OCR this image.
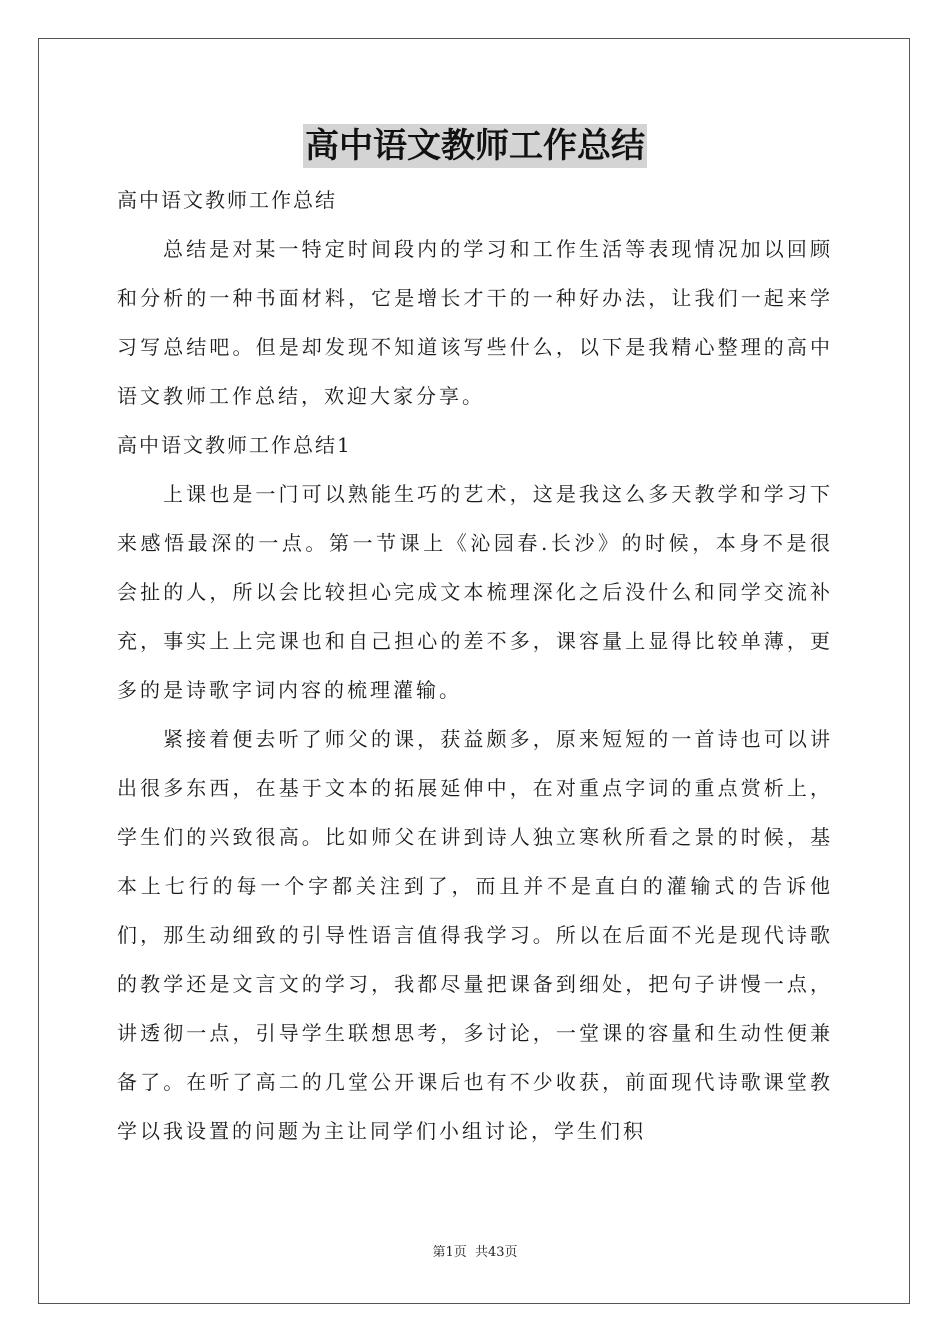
高中语文教师工作总结

高中语文教师工作总结

总结是对某一特定时间段内的学习和工作生活等表现情况加以回顾和分析的一种书面材料，它是增长才干的一种好办法，让我们一起来学习写总结吧。但是却发现不知道该写些什么，以下是我精心整理的高中语文教师工作总结，欢迎大家分享。

高中语文教师工作总结1

上课也是一门可以熟能生巧的艺术，这是我这么多天教学和学习下来感悟最深的一点。第一节课上《沁园春.长沙》的时候，本身不是很会扯的人，所以会比较担心完成文本梳理深化之后没什么和同学交流补充，事实上上完课也和自己担心的差不多，课容量上显得比较单薄，更多的是诗歌字词内容的梳理灌输。

紧接着便去听了师父的课，获益颇多，原来短短的一首诗也可以讲出很多东西，在基于文本的拓展延伸中，在对重点字词的重点赏析上，学生们的兴致很高。比如师父在讲到诗人独立寒秋所看之景的时候，基本上七行的每一个字都关注到了，而且并不是直白的灌输式的告诉他们，那生动细致的引导性语言值得我学习。所以在后面不光是现代诗歌的教学还是文言文的学习，我都尽量把课备到细处，把句子讲慢一点，讲透彻一点，引导学生联想思考，多讨论，一堂课的容量和生动性便兼备了。在听了高二的几堂公开课后也有不少收获，前面现代诗歌课堂教学以我设置的问题为主让同学们小组讨论，学生们积

第1页 共43页
